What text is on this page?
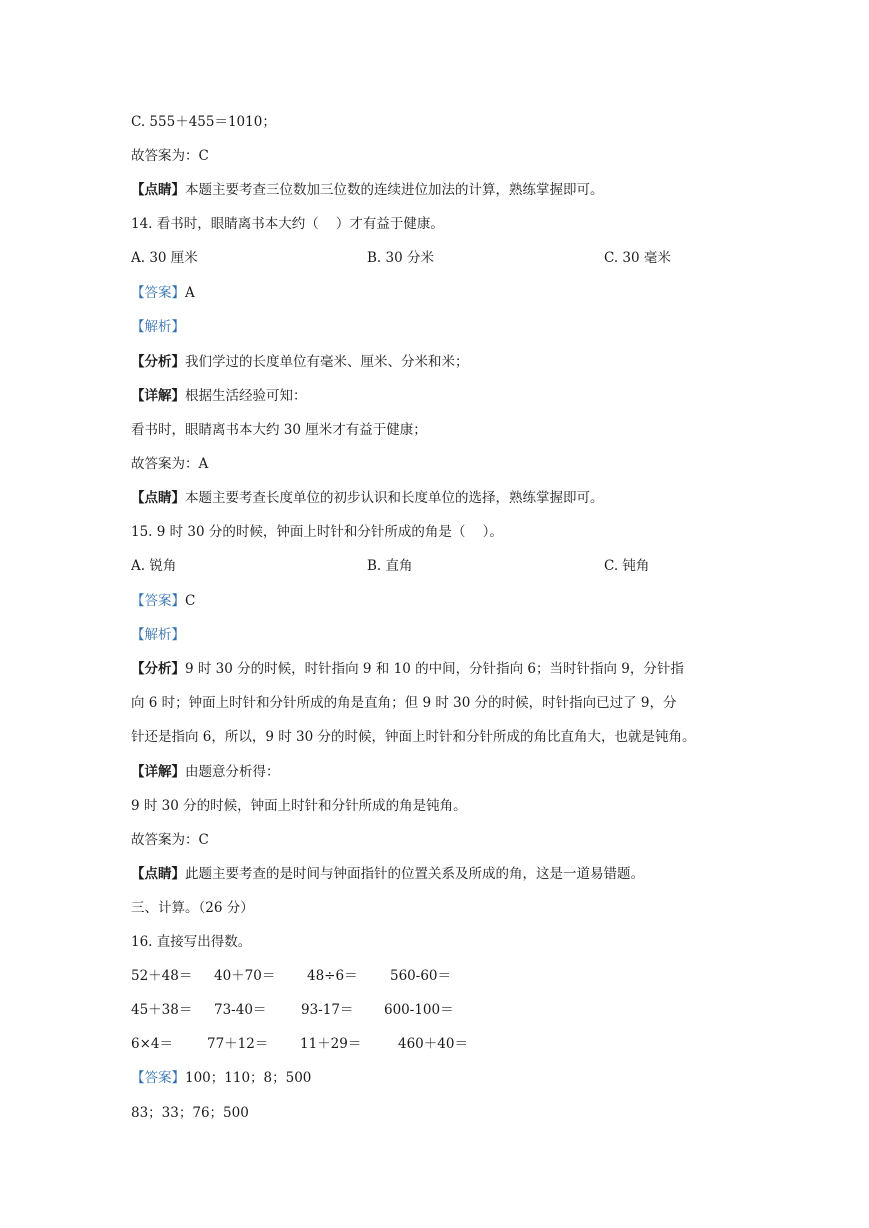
C. 555＋455＝1010；
故答案为：C
【点睛】本题主要考查三位数加三位数的连续进位加法的计算，熟练掌握即可。
14. 看书时，眼睛离书本大约（    ）才有益于健康。
A. 30 厘米	B. 30 分米	C. 30 毫米
【答案】A
【解析】
【分析】我们学过的长度单位有毫米、厘米、分米和米；
【详解】根据生活经验可知：
看书时，眼睛离书本大约 30 厘米才有益于健康；
故答案为：A
【点睛】本题主要考查长度单位的初步认识和长度单位的选择，熟练掌握即可。
15. 9 时 30 分的时候，钟面上时针和分针所成的角是（    ）。
A. 锐角	B. 直角	C. 钝角
【答案】C
【解析】
【分析】9 时 30 分的时候，时针指向 9 和 10 的中间，分针指向 6；当时针指向 9，分针指
向 6 时；钟面上时针和分针所成的角是直角；但 9 时 30 分的时候，时针指向已过了 9，分
针还是指向 6，所以，9 时 30 分的时候，钟面上时针和分针所成的角比直角大，也就是钝角。
【详解】由题意分析得：
9 时 30 分的时候，钟面上时针和分针所成的角是钝角。
故答案为：C
【点睛】此题主要考查的是时间与钟面指针的位置关系及所成的角，这是一道易错题。
三、计算。（26 分）
16. 直接写出得数。
52＋48＝ 40＋70＝ 48÷6＝ 560-60＝
45＋38＝ 73-40＝	93-17＝ 600-100＝
6×4＝	77＋12＝ 11＋29＝	460＋40＝
【答案】100；110；8；500
83；33；76；500
